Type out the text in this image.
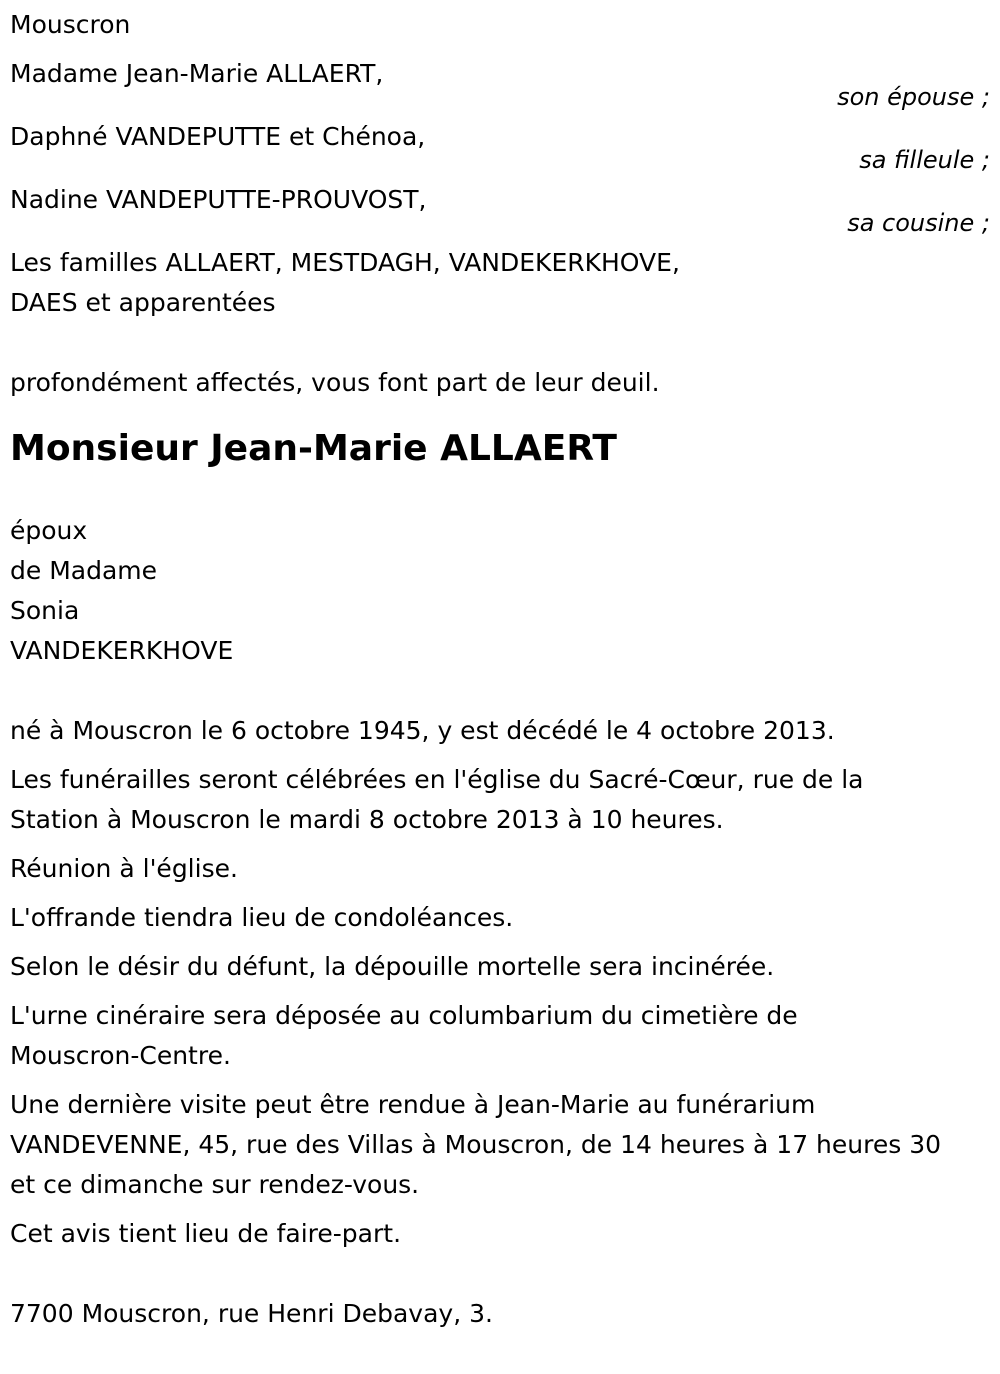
Mouscron
Madame Jean-Marie ALLAERT,
son épouse ;
Daphné VANDEPUTTE et Chénoa,
sa filleule ;
Nadine VANDEPUTTE-PROUVOST,
sa cousine ;
Les familles ALLAERT, MESTDAGH, VANDEKERKHOVE,
DAES et apparentées
profondément affectés, vous font part de leur deuil.
Monsieur Jean-Marie ALLAERT
époux
de Madame
Sonia
VANDEKERKHOVE
né à Mouscron le 6 octobre 1945, y est décédé le 4 octobre 2013.
Les funérailles seront célébrées en l'église du Sacré-Cœur, rue de la
Station à Mouscron le mardi 8 octobre 2013 à 10 heures.
Réunion à l'église.
L'offrande tiendra lieu de condoléances.
Selon le désir du défunt, la dépouille mortelle sera incinérée.
L'urne cinéraire sera déposée au columbarium du cimetière de
Mouscron-Centre.
Une dernière visite peut être rendue à Jean-Marie au funérarium
VANDEVENNE, 45, rue des Villas à Mouscron, de 14 heures à 17 heures 30
et ce dimanche sur rendez-vous.
Cet avis tient lieu de faire-part.
7700 Mouscron, rue Henri Debavay, 3.
